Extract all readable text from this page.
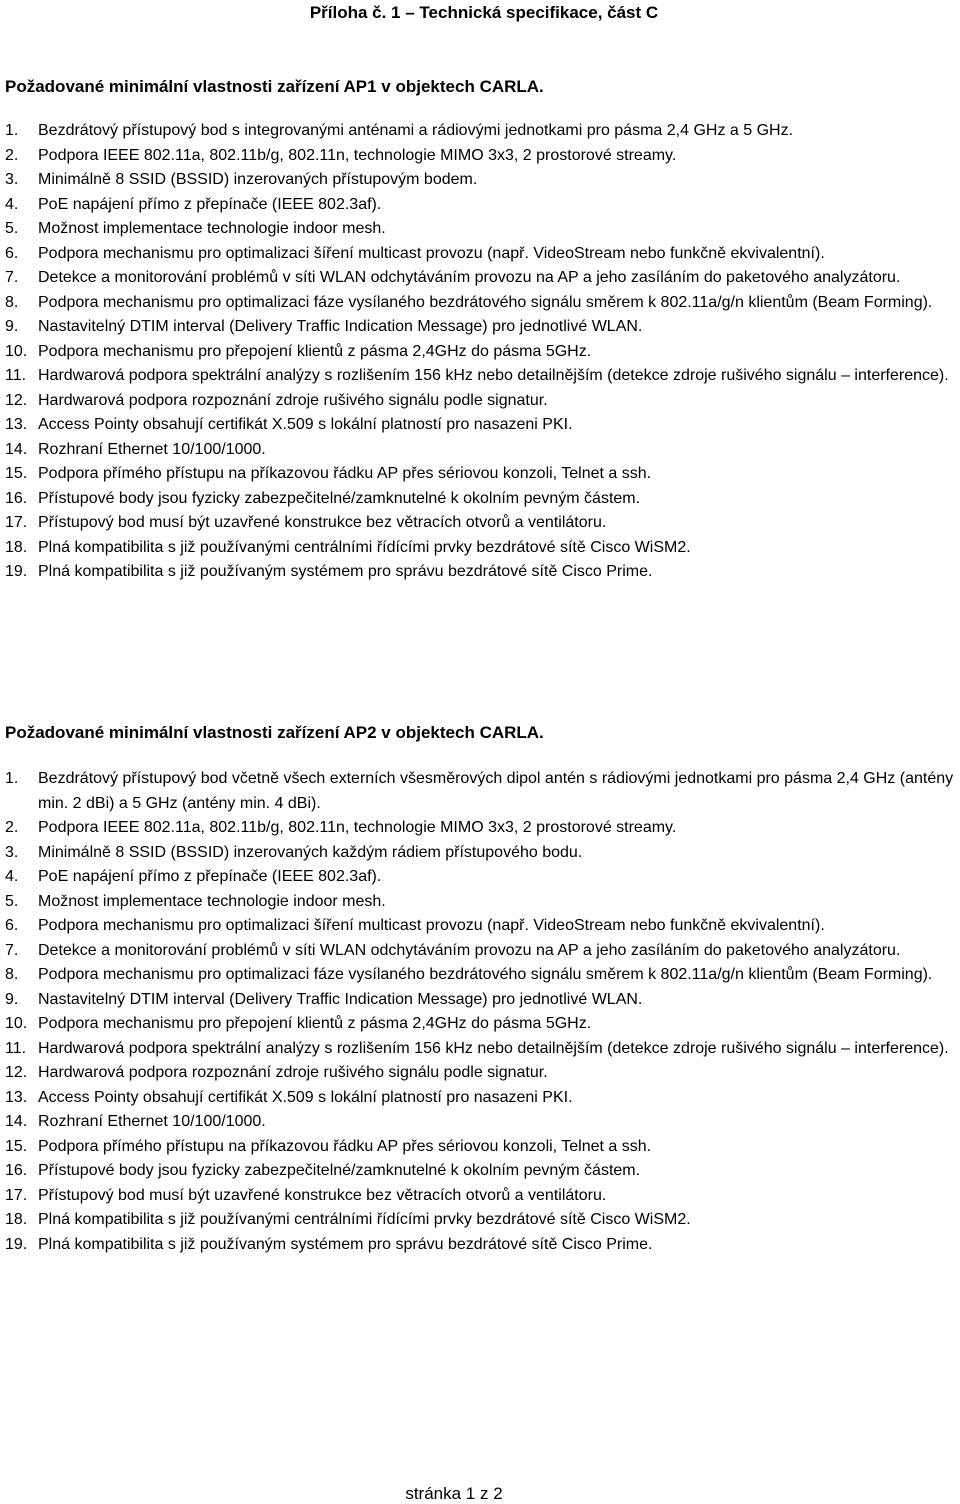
Příloha č. 1 – Technická specifikace, část C
Požadované minimální vlastnosti zařízení AP1 v objektech CARLA.
1. Bezdrátový přístupový bod s integrovanými anténami a rádiovými jednotkami pro pásma 2,4 GHz a 5 GHz.
2. Podpora IEEE 802.11a, 802.11b/g, 802.11n, technologie MIMO 3x3, 2 prostorové streamy.
3. Minimálně 8 SSID (BSSID) inzerovaných přístupovým bodem.
4. PoE napájení přímo z přepínače (IEEE 802.3af).
5. Možnost implementace technologie indoor mesh.
6. Podpora mechanismu pro optimalizaci šíření multicast provozu (např. VideoStream nebo funkčně ekvivalentní).
7. Detekce a monitorování problémů v síti WLAN odchytáváním provozu na AP a jeho zasíláním do paketového analyzátoru.
8. Podpora mechanismu pro optimalizaci fáze vysílaného bezdrátového signálu směrem k 802.11a/g/n klientům (Beam Forming).
9. Nastavitelný DTIM interval (Delivery Traffic Indication Message) pro jednotlivé WLAN.
10. Podpora mechanismu pro přepojení klientů z pásma 2,4GHz do pásma 5GHz.
11. Hardwarová podpora spektrální analýzy s rozlišením 156 kHz nebo detailnějším (detekce zdroje rušivého signálu – interference).
12. Hardwarová podpora rozpoznání zdroje rušivého signálu podle signatur.
13. Access Pointy obsahují certifikát X.509 s lokální platností pro nasazeni PKI.
14. Rozhraní Ethernet 10/100/1000.
15. Podpora přímého přístupu na příkazovou řádku AP přes sériovou konzoli, Telnet a ssh.
16. Přístupové body jsou fyzicky zabezpečitelné/zamknutelné k okolním pevným částem.
17. Přístupový bod musí být uzavřené konstrukce bez větracích otvorů a ventilátoru.
18. Plná kompatibilita s již používanými centrálními řídícími prvky bezdrátové sítě Cisco WiSM2.
19. Plná kompatibilita s již používaným systémem pro správu bezdrátové sítě Cisco Prime.
Požadované minimální vlastnosti zařízení AP2 v objektech CARLA.
1. Bezdrátový přístupový bod včetně všech externích všesměrových dipol antén s rádiovými jednotkami pro pásma 2,4 GHz (antény min. 2 dBi) a 5 GHz (antény min. 4 dBi).
2. Podpora IEEE 802.11a, 802.11b/g, 802.11n, technologie MIMO 3x3, 2 prostorové streamy.
3. Minimálně 8 SSID (BSSID) inzerovaných každým rádiem přístupového bodu.
4. PoE napájení přímo z přepínače (IEEE 802.3af).
5. Možnost implementace technologie indoor mesh.
6. Podpora mechanismu pro optimalizaci šíření multicast provozu (např. VideoStream nebo funkčně ekvivalentní).
7. Detekce a monitorování problémů v síti WLAN odchytáváním provozu na AP a jeho zasíláním do paketového analyzátoru.
8. Podpora mechanismu pro optimalizaci fáze vysílaného bezdrátového signálu směrem k 802.11a/g/n klientům (Beam Forming).
9. Nastavitelný DTIM interval (Delivery Traffic Indication Message) pro jednotlivé WLAN.
10. Podpora mechanismu pro přepojení klientů z pásma 2,4GHz do pásma 5GHz.
11. Hardwarová podpora spektrální analýzy s rozlišením 156 kHz nebo detailnějším (detekce zdroje rušivého signálu – interference).
12. Hardwarová podpora rozpoznání zdroje rušivého signálu podle signatur.
13. Access Pointy obsahují certifikát X.509 s lokální platností pro nasazeni PKI.
14. Rozhraní Ethernet 10/100/1000.
15. Podpora přímého přístupu na příkazovou řádku AP přes sériovou konzoli, Telnet a ssh.
16. Přístupové body jsou fyzicky zabezpečitelné/zamknutelné k okolním pevným částem.
17. Přístupový bod musí být uzavřené konstrukce bez větracích otvorů a ventilátoru.
18. Plná kompatibilita s již používanými centrálními řídícími prvky bezdrátové sítě Cisco WiSM2.
19. Plná kompatibilita s již používaným systémem pro správu bezdrátové sítě Cisco Prime.
stránka 1 z 2
